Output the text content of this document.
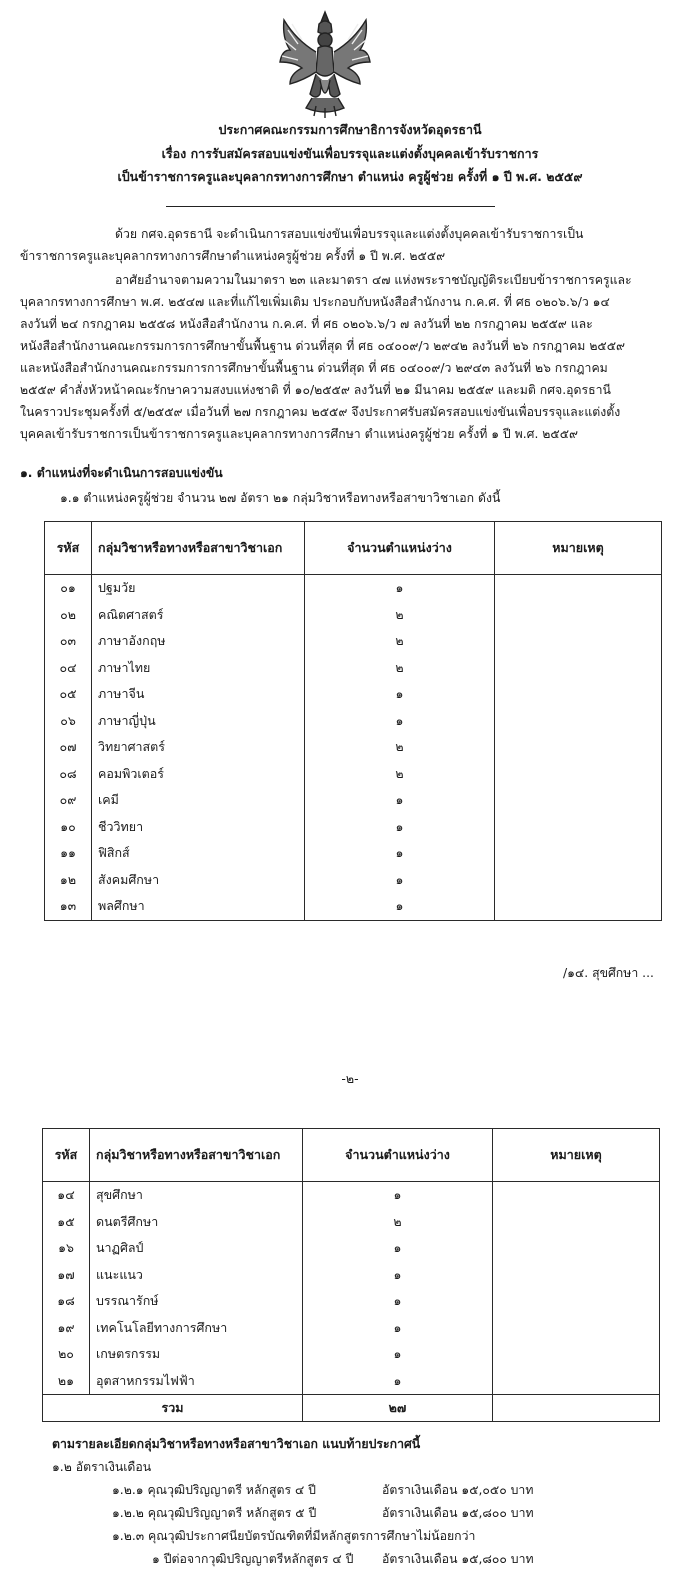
ประกาศคณะกรรมการศึกษาธิการจังหวัดอุดรธานี
เรื่อง การรับสมัครสอบแข่งขันเพื่อบรรจุและแต่งตั้งบุคคลเข้ารับราชการ
เป็นข้าราชการครูและบุคลากรทางการศึกษา ตำแหน่ง ครูผู้ช่วย ครั้งที่ ๑ ปี พ.ศ. ๒๕๕๙
ด้วย กศจ.อุดรธานี จะดำเนินการสอบแข่งขันเพื่อบรรจุและแต่งตั้งบุคคลเข้ารับราชการเป็น
ข้าราชการครูและบุคลากรทางการศึกษาตำแหน่งครูผู้ช่วย ครั้งที่ ๑ ปี พ.ศ. ๒๕๕๙
อาศัยอำนาจตามความในมาตรา ๒๓ และมาตรา ๔๗ แห่งพระราชบัญญัติระเบียบข้าราชการครูและ
บุคลากรทางการศึกษา พ.ศ. ๒๕๔๗ และที่แก้ไขเพิ่มเติม ประกอบกับหนังสือสำนักงาน ก.ค.ศ. ที่ ศธ ๐๒๐๖.๖/ว ๑๔
ลงวันที่ ๒๔ กรกฎาคม ๒๕๕๘ หนังสือสำนักงาน ก.ค.ศ. ที่ ศธ ๐๒๐๖.๖/ว ๗ ลงวันที่ ๒๒ กรกฎาคม ๒๕๕๙ และ
หนังสือสำนักงานคณะกรรมการการศึกษาขั้นพื้นฐาน ด่วนที่สุด ที่ ศธ ๐๔๐๐๙/ว ๒๙๔๒ ลงวันที่ ๒๖ กรกฎาคม ๒๕๕๙
และหนังสือสำนักงานคณะกรรมการการศึกษาขั้นพื้นฐาน ด่วนที่สุด ที่ ศธ ๐๔๐๐๙/ว ๒๙๔๓ ลงวันที่ ๒๖ กรกฎาคม
๒๕๕๙ คำสั่งหัวหน้าคณะรักษาความสงบแห่งชาติ ที่ ๑๐/๒๕๕๙ ลงวันที่ ๒๑ มีนาคม ๒๕๕๙ และมติ กศจ.อุดรธานี
ในคราวประชุมครั้งที่ ๕/๒๕๕๙ เมื่อวันที่ ๒๗ กรกฎาคม ๒๕๕๙ จึงประกาศรับสมัครสอบแข่งขันเพื่อบรรจุและแต่งตั้ง
บุคคลเข้ารับราชการเป็นข้าราชการครูและบุคลากรทางการศึกษา ตำแหน่งครูผู้ช่วย ครั้งที่ ๑ ปี พ.ศ. ๒๕๕๙
๑. ตำแหน่งที่จะดำเนินการสอบแข่งขัน
๑.๑ ตำแหน่งครูผู้ช่วย จำนวน ๒๗ อัตรา ๒๑ กลุ่มวิชาหรือทางหรือสาขาวิชาเอก ดังนี้
รหัส	กลุ่มวิชาหรือทางหรือสาขาวิชาเอก	จำนวนตำแหน่งว่าง	หมายเหตุ
๐๑	ปฐมวัย	๑	
๐๒	คณิตศาสตร์	๒	
๐๓	ภาษาอังกฤษ	๒	
๐๔	ภาษาไทย	๒	
๐๕	ภาษาจีน	๑	
๐๖	ภาษาญี่ปุ่น	๑	
๐๗	วิทยาศาสตร์	๒	
๐๘	คอมพิวเตอร์	๒	
๐๙	เคมี	๑	
๑๐	ชีววิทยา	๑	
๑๑	ฟิสิกส์	๑	
๑๒	สังคมศึกษา	๑	
๑๓	พลศึกษา	๑	
/๑๔. สุขศึกษา ...
-๒-
รหัส	กลุ่มวิชาหรือทางหรือสาขาวิชาเอก	จำนวนตำแหน่งว่าง	หมายเหตุ
๑๔	สุขศึกษา	๑	
๑๕	ดนตรีศึกษา	๒	
๑๖	นาฏศิลป์	๑	
๑๗	แนะแนว	๑	
๑๘	บรรณารักษ์	๑	
๑๙	เทคโนโลยีทางการศึกษา	๑	
๒๐	เกษตรกรรม	๑	
๒๑	อุตสาหกรรมไฟฟ้า	๑	
รวม		๒๗	
ตามรายละเอียดกลุ่มวิชาหรือทางหรือสาขาวิชาเอก แนบท้ายประกาศนี้
๑.๒ อัตราเงินเดือน
๑.๒.๑ คุณวุฒิปริญญาตรี หลักสูตร ๔ ปี	อัตราเงินเดือน ๑๕,๐๕๐ บาท
๑.๒.๒ คุณวุฒิปริญญาตรี หลักสูตร ๕ ปี	อัตราเงินเดือน ๑๕,๘๐๐ บาท
๑.๒.๓ คุณวุฒิประกาศนียบัตรบัณฑิตที่มีหลักสูตรการศึกษาไม่น้อยกว่า
๑ ปีต่อจากวุฒิปริญญาตรีหลักสูตร ๔ ปี อัตราเงินเดือน ๑๕,๘๐๐ บาท
